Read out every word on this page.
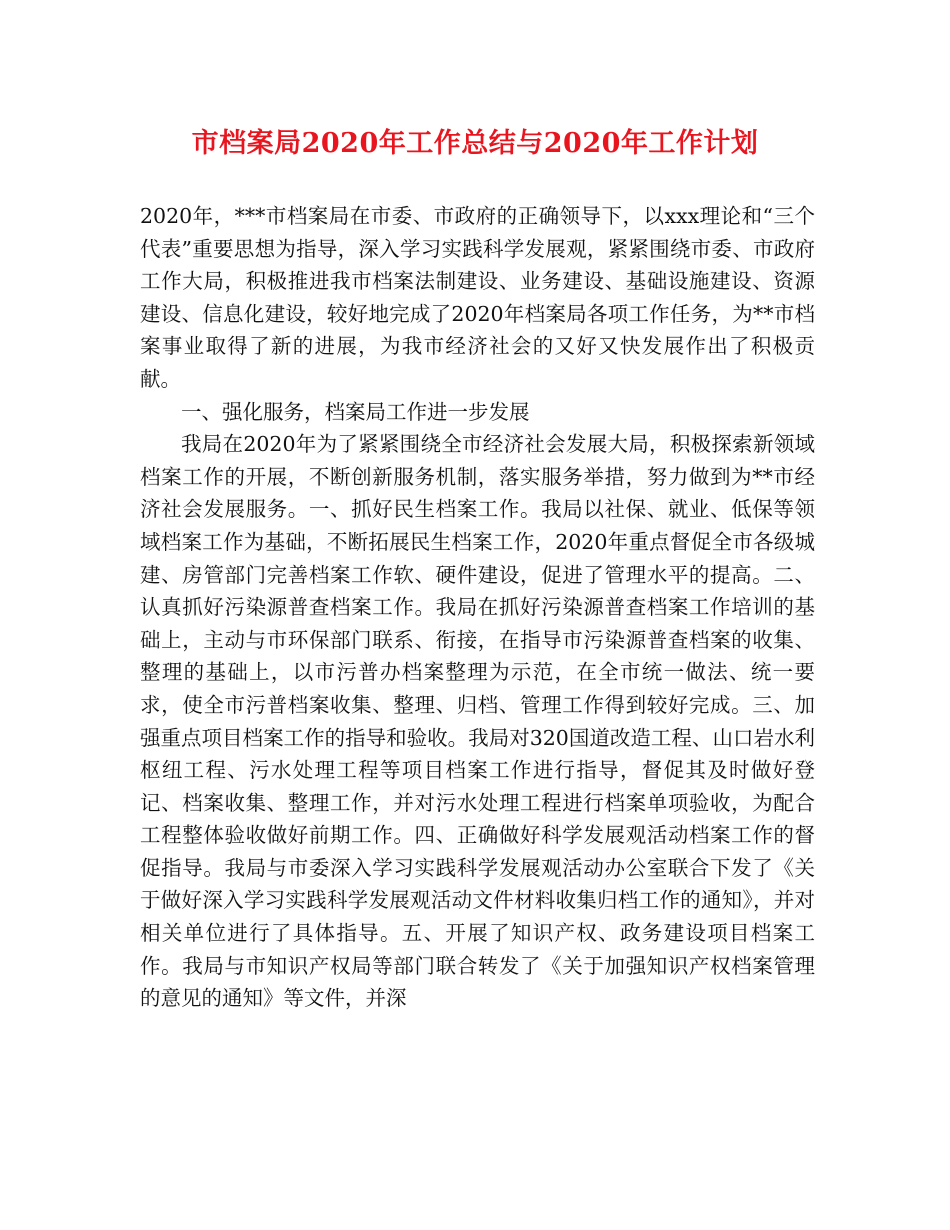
市档案局2020年工作总结与2020年工作计划

2020年，***市档案局在市委、市政府的正确领导下，以xxx理论和“三个代表”重要思想为指导，深入学习实践科学发展观，紧紧围绕市委、市政府工作大局，积极推进我市档案法制建设、业务建设、基础设施建设、资源建设、信息化建设，较好地完成了2020年档案局各项工作任务，为**市档案事业取得了新的进展，为我市经济社会的又好又快发展作出了积极贡献。

一、强化服务，档案局工作进一步发展

我局在2020年为了紧紧围绕全市经济社会发展大局，积极探索新领域档案工作的开展，不断创新服务机制，落实服务举措，努力做到为**市经济社会发展服务。一、抓好民生档案工作。我局以社保、就业、低保等领域档案工作为基础，不断拓展民生档案工作，2020年重点督促全市各级城建、房管部门完善档案工作软、硬件建设，促进了管理水平的提高。二、认真抓好污染源普查档案工作。我局在抓好污染源普查档案工作培训的基础上，主动与市环保部门联系、衔接，在指导市污染源普查档案的收集、整理的基础上，以市污普办档案整理为示范，在全市统一做法、统一要求，使全市污普档案收集、整理、归档、管理工作得到较好完成。三、加强重点项目档案工作的指导和验收。我局对320国道改造工程、山口岩水利枢纽工程、污水处理工程等项目档案工作进行指导，督促其及时做好登记、档案收集、整理工作，并对污水处理工程进行档案单项验收，为配合工程整体验收做好前期工作。四、正确做好科学发展观活动档案工作的督促指导。我局与市委深入学习实践科学发展观活动办公室联合下发了《关于做好深入学习实践科学发展观活动文件材料收集归档工作的通知》，并对相关单位进行了具体指导。五、开展了知识产权、政务建设项目档案工作。我局与市知识产权局等部门联合转发了《关于加强知识产权档案管理的意见的通知》等文件，并深
